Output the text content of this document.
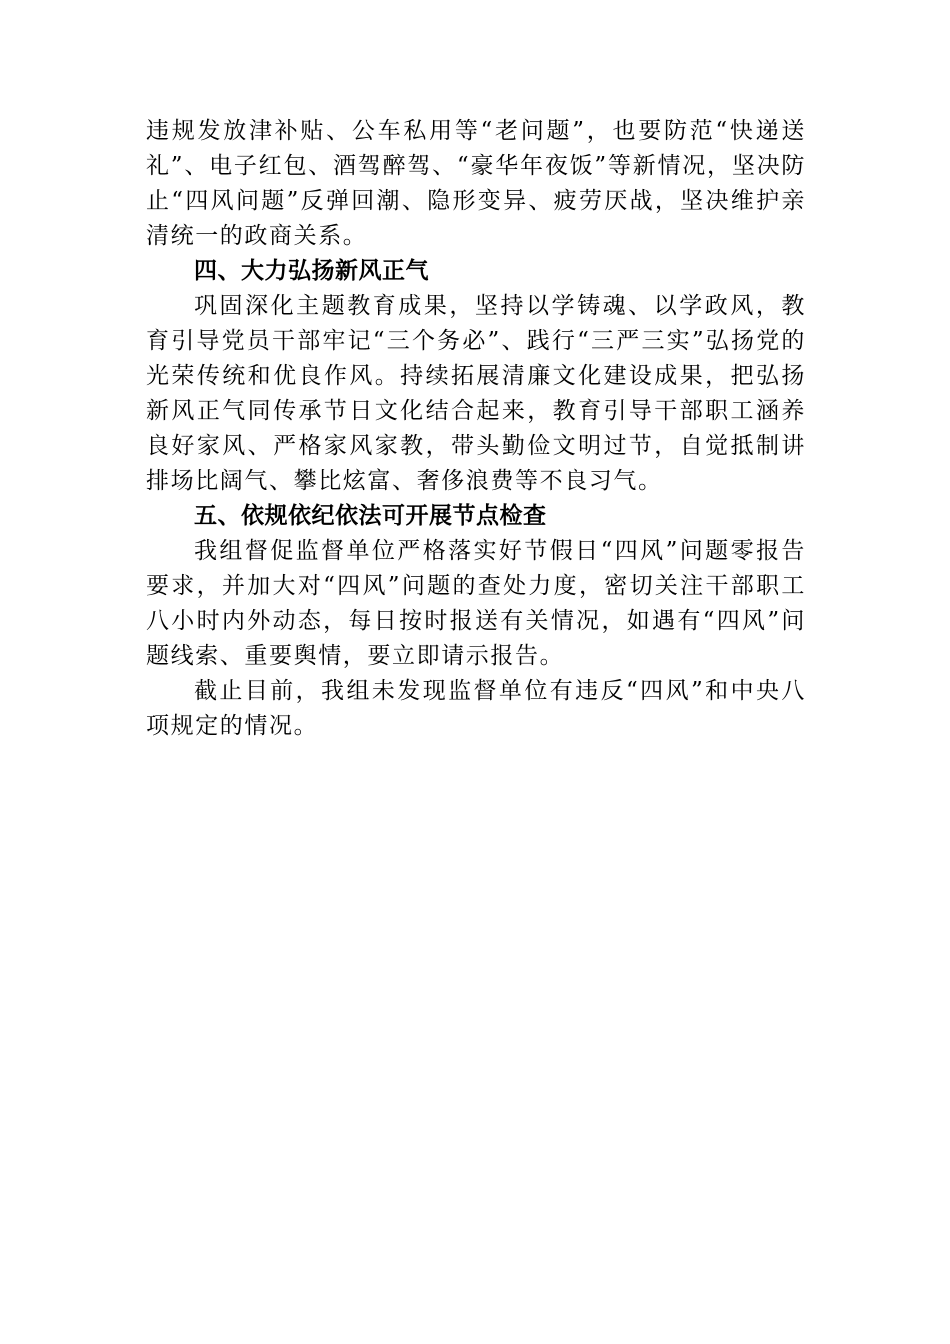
违规发放津补贴、公车私用等“老问题”，也要防范“快递送礼”、电子红包、酒驾醉驾、“豪华年夜饭”等新情况，坚决防止“四风问题”反弹回潮、隐形变异、疲劳厌战，坚决维护亲清统一的政商关系。

四、大力弘扬新风正气

巩固深化主题教育成果，坚持以学铸魂、以学政风，教育引导党员干部牢记“三个务必”、践行“三严三实”弘扬党的光荣传统和优良作风。持续拓展清廉文化建设成果，把弘扬新风正气同传承节日文化结合起来，教育引导干部职工涵养良好家风、严格家风家教，带头勤俭文明过节，自觉抵制讲排场比阔气、攀比炫富、奢侈浪费等不良习气。

五、依规依纪依法可开展节点检查

我组督促监督单位严格落实好节假日“四风”问题零报告要求，并加大对“四风”问题的查处力度，密切关注干部职工八小时内外动态，每日按时报送有关情况，如遇有“四风”问题线索、重要舆情，要立即请示报告。

截止目前，我组未发现监督单位有违反“四风”和中央八项规定的情况。
